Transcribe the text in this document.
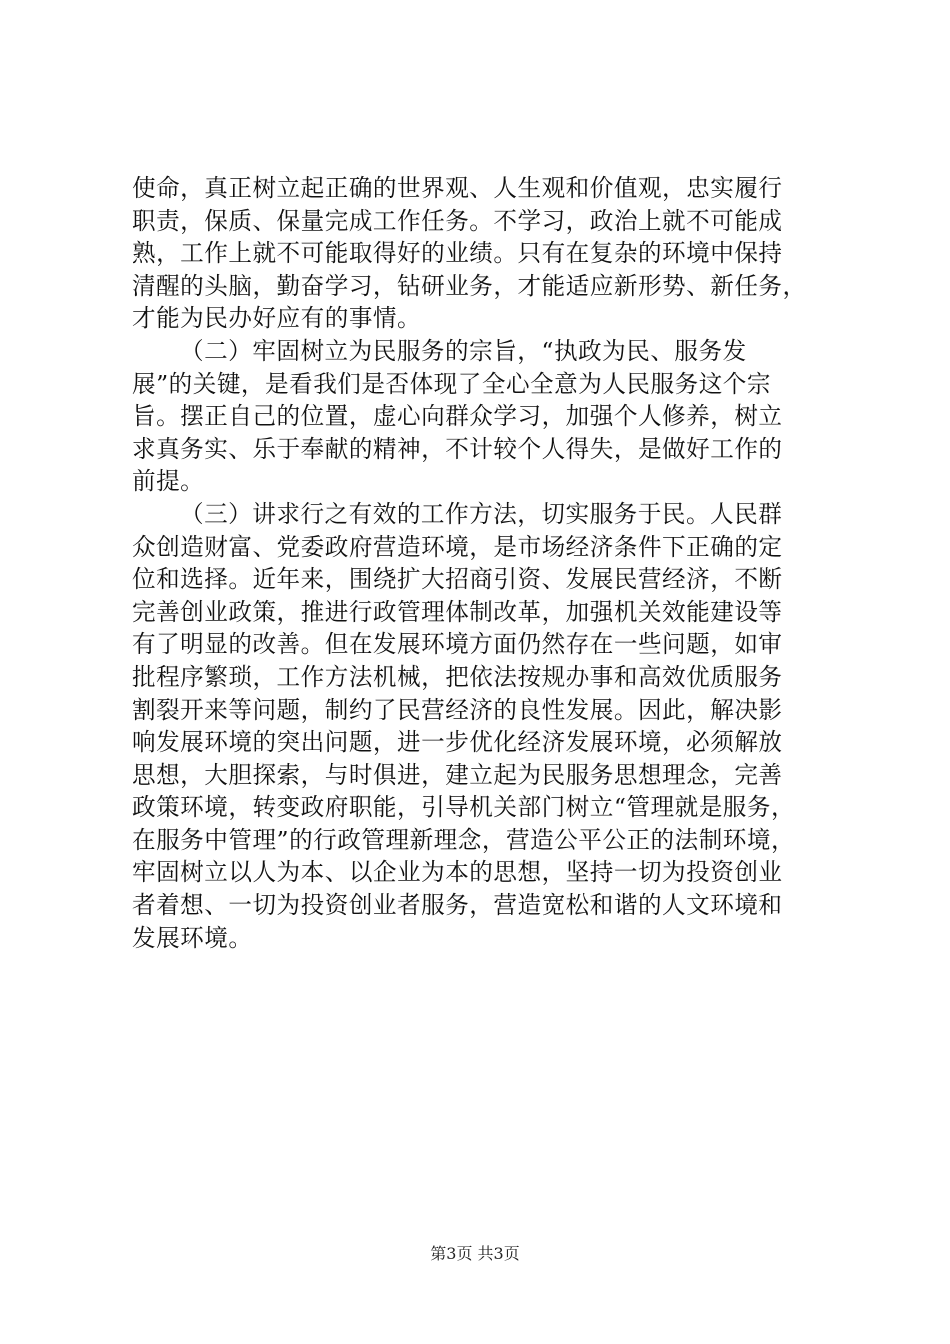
使命，真正树立起正确的世界观、人生观和价值观，忠实履行
职责，保质、保量完成工作任务。不学习，政治上就不可能成
熟，工作上就不可能取得好的业绩。只有在复杂的环境中保持
清醒的头脑，勤奋学习，钻研业务，才能适应新形势、新任务，
才能为民办好应有的事情。

（二）牢固树立为民服务的宗旨，“执政为民、服务发
展”的关键，是看我们是否体现了全心全意为人民服务这个宗
旨。摆正自己的位置，虚心向群众学习，加强个人修养，树立
求真务实、乐于奉献的精神，不计较个人得失，是做好工作的
前提。

（三）讲求行之有效的工作方法，切实服务于民。人民群
众创造财富、党委政府营造环境，是市场经济条件下正确的定
位和选择。近年来，围绕扩大招商引资、发展民营经济，不断
完善创业政策，推进行政管理体制改革，加强机关效能建设等
有了明显的改善。但在发展环境方面仍然存在一些问题，如审
批程序繁琐，工作方法机械，把依法按规办事和高效优质服务
割裂开来等问题，制约了民营经济的良性发展。因此，解决影
响发展环境的突出问题，进一步优化经济发展环境，必须解放
思想，大胆探索，与时俱进，建立起为民服务思想理念，完善
政策环境，转变政府职能，引导机关部门树立“管理就是服务，
在服务中管理”的行政管理新理念，营造公平公正的法制环境，
牢固树立以人为本、以企业为本的思想，坚持一切为投资创业
者着想、一切为投资创业者服务，营造宽松和谐的人文环境和
发展环境。

第3页 共3页
